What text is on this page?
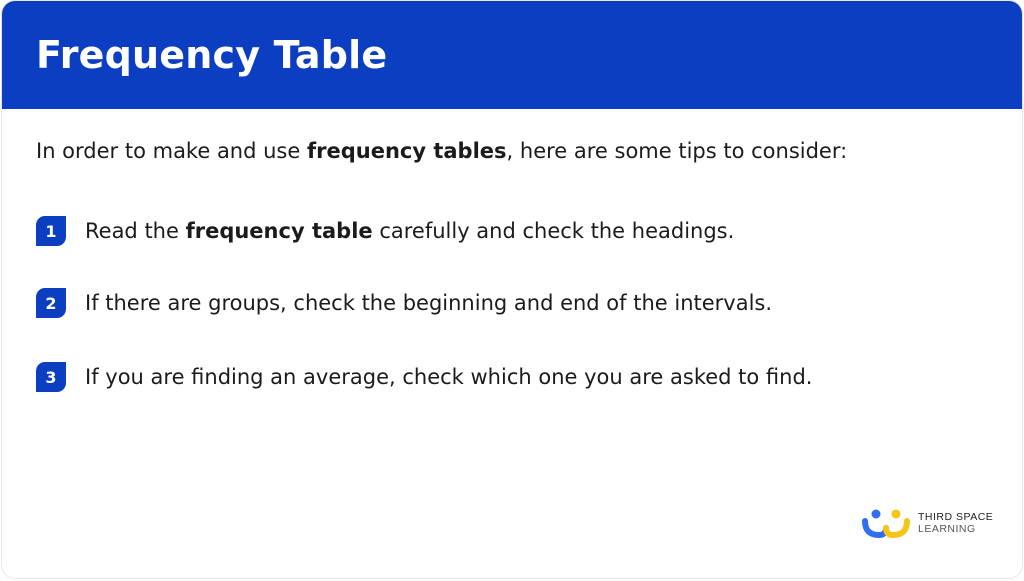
Frequency Table
In order to make and use frequency tables, here are some tips to consider:
1	Read the frequency table carefully and check the headings.
2	If there are groups, check the beginning and end of the intervals.
3	If you are finding an average, check which one you are asked to find.
THIRD SPACE
LEARNING
